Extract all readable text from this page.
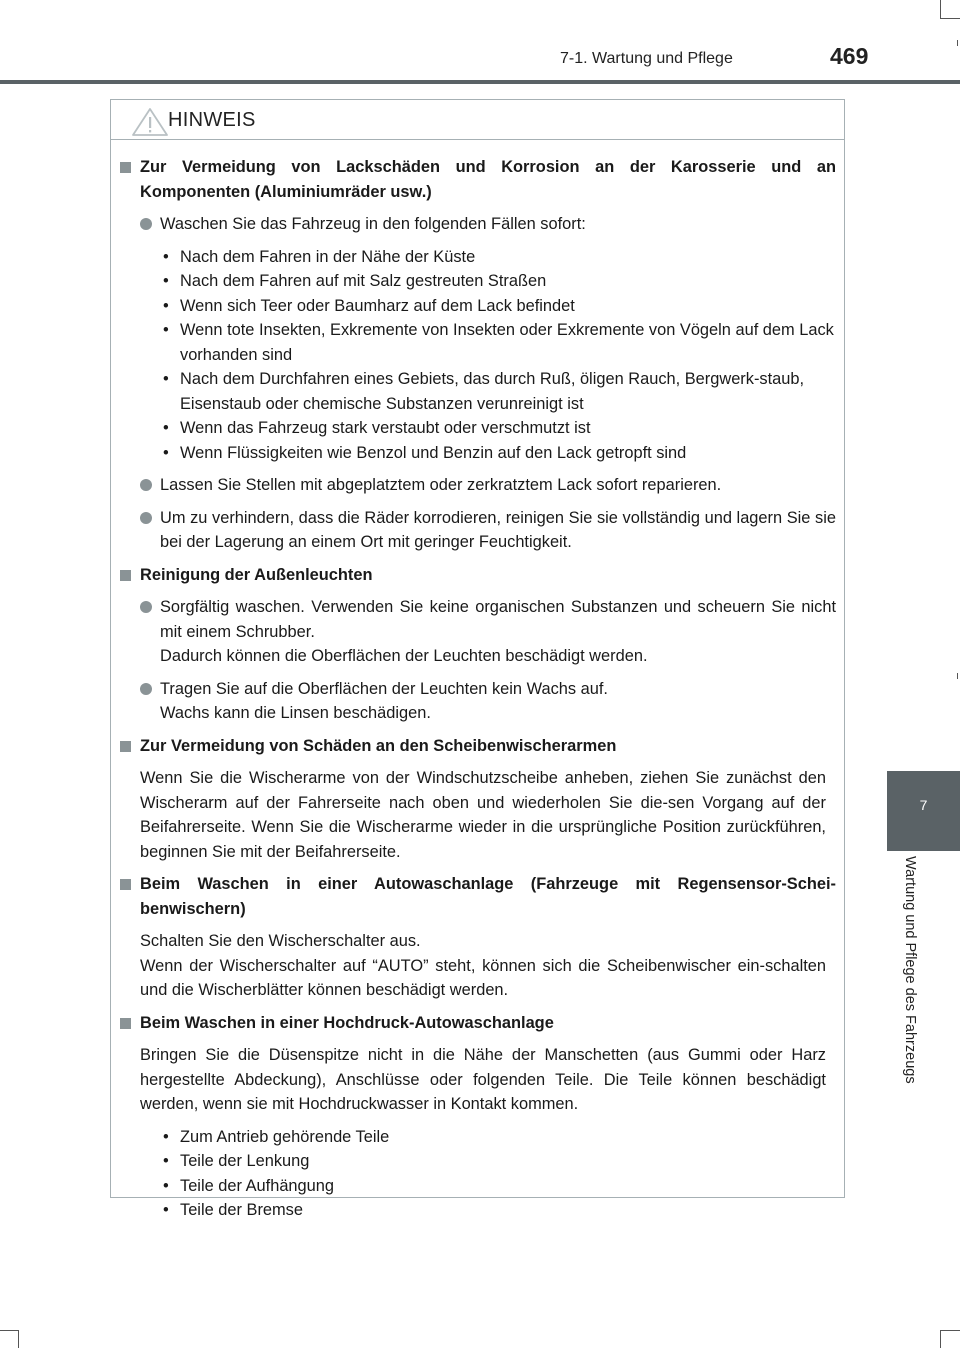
7-1. Wartung und Pflege	469
7
Wartung und Pflege des Fahrzeugs
HINWEIS
Zur Vermeidung von Lackschäden und Korrosion an der Karosserie und an Komponenten (Aluminiumräder usw.)
Waschen Sie das Fahrzeug in den folgenden Fällen sofort:
• Nach dem Fahren in der Nähe der Küste
• Nach dem Fahren auf mit Salz gestreuten Straßen
• Wenn sich Teer oder Baumharz auf dem Lack befindet
• Wenn tote Insekten, Exkremente von Insekten oder Exkremente von Vögeln auf dem Lack vorhanden sind
• Nach dem Durchfahren eines Gebiets, das durch Ruß, öligen Rauch, Bergwerk-staub, Eisenstaub oder chemische Substanzen verunreinigt ist
• Wenn das Fahrzeug stark verstaubt oder verschmutzt ist
• Wenn Flüssigkeiten wie Benzol und Benzin auf den Lack getropft sind
Lassen Sie Stellen mit abgeplatztem oder zerkratztem Lack sofort reparieren.
Um zu verhindern, dass die Räder korrodieren, reinigen Sie sie vollständig und lagern Sie sie bei der Lagerung an einem Ort mit geringer Feuchtigkeit.
Reinigung der Außenleuchten
Sorgfältig waschen. Verwenden Sie keine organischen Substanzen und scheuern Sie nicht mit einem Schrubber.
Dadurch können die Oberflächen der Leuchten beschädigt werden.
Tragen Sie auf die Oberflächen der Leuchten kein Wachs auf.
Wachs kann die Linsen beschädigen.
Zur Vermeidung von Schäden an den Scheibenwischerarmen
Wenn Sie die Wischerarme von der Windschutzscheibe anheben, ziehen Sie zunächst den Wischerarm auf der Fahrerseite nach oben und wiederholen Sie die-sen Vorgang auf der Beifahrerseite. Wenn Sie die Wischerarme wieder in die ursprüngliche Position zurückführen, beginnen Sie mit der Beifahrerseite.
Beim Waschen in einer Autowaschanlage (Fahrzeuge mit Regensensor-Schei-benwischern)
Schalten Sie den Wischerschalter aus.
Wenn der Wischerschalter auf “AUTO” steht, können sich die Scheibenwischer ein-schalten und die Wischerblätter können beschädigt werden.
Beim Waschen in einer Hochdruck-Autowaschanlage
Bringen Sie die Düsenspitze nicht in die Nähe der Manschetten (aus Gummi oder Harz hergestellte Abdeckung), Anschlüsse oder folgenden Teile. Die Teile können beschädigt werden, wenn sie mit Hochdruckwasser in Kontakt kommen.
• Zum Antrieb gehörende Teile
• Teile der Lenkung
• Teile der Aufhängung
• Teile der Bremse
